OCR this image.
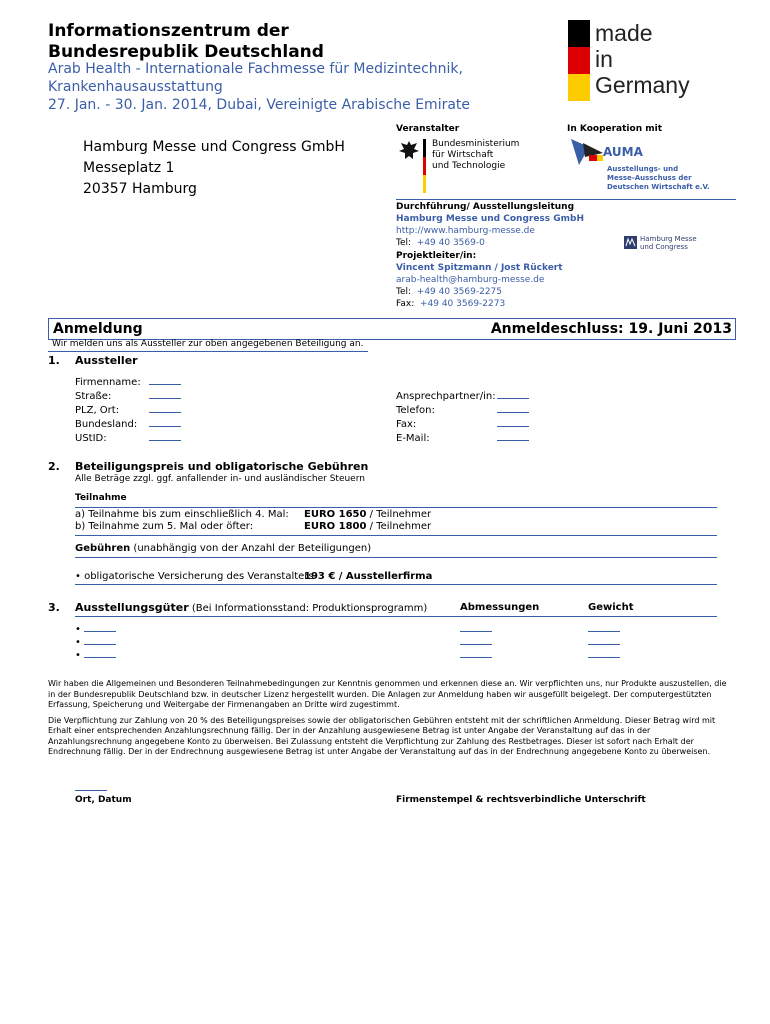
Informationszentrum der
Bundesrepublik Deutschland
Arab Health - Internationale Fachmesse für Medizintechnik,
Krankenhausausstattung
27. Jan. - 30. Jan. 2014, Dubai, Vereinigte Arabische Emirate
made
in
Germany
Hamburg Messe und Congress GmbH
Messeplatz 1
20357 Hamburg
Veranstalter	In Kooperation mit
Bundesministerium
für Wirtschaft
und Technologie
AUMA
Ausstellungs- und
Messe-Ausschuss der
Deutschen Wirtschaft e.V.
Durchführung/ Ausstellungsleitung
Hamburg Messe und Congress GmbH
http://www.hamburg-messe.de
Tel: +49 40 3569-0
Projektleiter/in:
Vincent Spitzmann / Jost Rückert
arab-health@hamburg-messe.de
Tel: +49 40 3569-2275
Fax: +49 40 3569-2273
Hamburg Messe
und Congress
Anmeldung	Anmeldeschluss: 19. Juni 2013
Wir melden uns als Aussteller zur oben angegebenen Beteiligung an.
1. Aussteller
Firmenname:
Straße:
PLZ, Ort:
Bundesland:
UStID:
Ansprechpartner/in:
Telefon:
Fax:
E-Mail:
2. Beteiligungspreis und obligatorische Gebühren
Alle Beträge zzgl. ggf. anfallender in- und ausländischer Steuern
Teilnahme
a) Teilnahme bis zum einschließlich 4. Mal: EURO 1650 / Teilnehmer
b) Teilnahme zum 5. Mal oder öfter:	EURO 1800 / Teilnehmer
Gebühren (unabhängig von der Anzahl der Beteiligungen)
• obligatorische Versicherung des Veranstalters
193 € / Ausstellerfirma
3. Ausstellungsgüter (Bei Informationsstand: Produktionsprogramm)	Abmessungen	Gewicht
•
•
•
Wir haben die Allgemeinen und Besonderen Teilnahmebedingungen zur Kenntnis genommen und erkennen diese an. Wir verpflichten uns, nur Produkte auszustellen, die in der Bundesrepublik Deutschland bzw. in deutscher Lizenz hergestellt wurden. Die Anlagen zur Anmeldung haben wir ausgefüllt beigelegt. Der computergestützten Erfassung, Speicherung und Weitergabe der Firmenangaben an Dritte wird zugestimmt.
Die Verpflichtung zur Zahlung von 20 % des Beteiligungspreises sowie der obligatorischen Gebühren entsteht mit der schriftlichen Anmeldung. Dieser Betrag wird mit Erhalt einer entsprechenden Anzahlungsrechnung fällig. Der in der Anzahlung ausgewiesene Betrag ist unter Angabe der Veranstaltung auf das in der Anzahlungsrechnung angegebene Konto zu überweisen. Bei Zulassung entsteht die Verpflichtung zur Zahlung des Restbetrages. Dieser ist sofort nach Erhalt der Endrechnung fällig. Der in der Endrechnung ausgewiesene Betrag ist unter Angabe der Veranstaltung auf das in der Endrechnung angegebene Konto zu überweisen.
Ort, Datum	Firmenstempel & rechtsverbindliche Unterschrift
